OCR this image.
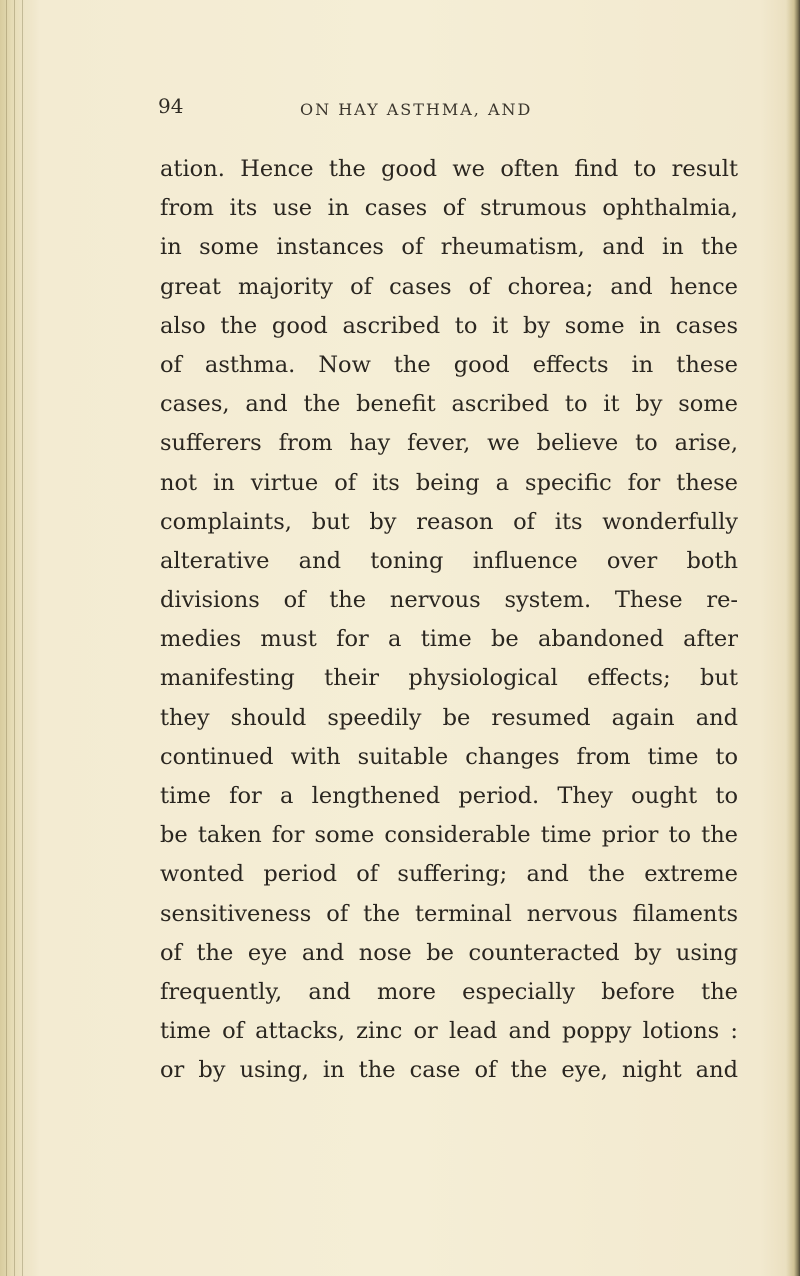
94	ON HAY ASTHMA, AND
ation. Hence the good we often find to result
from its use in cases of strumous ophthalmia,
in some instances of rheumatism, and in the
great majority of cases of chorea; and hence
also the good ascribed to it by some in cases
of asthma. Now the good effects in these
cases, and the benefit ascribed to it by some
sufferers from hay fever, we believe to arise,
not in virtue of its being a specific for these
complaints, but by reason of its wonderfully
alterative and toning influence over both
divisions of the nervous system. These re-
medies must for a time be abandoned after
manifesting their physiological effects; but
they should speedily be resumed again and
continued with suitable changes from time to
time for a lengthened period. They ought to
be taken for some considerable time prior to the
wonted period of suffering; and the extreme
sensitiveness of the terminal nervous filaments
of the eye and nose be counteracted by using
frequently, and more especially before the
time of attacks, zinc or lead and poppy lotions :
or by using, in the case of the eye, night and
